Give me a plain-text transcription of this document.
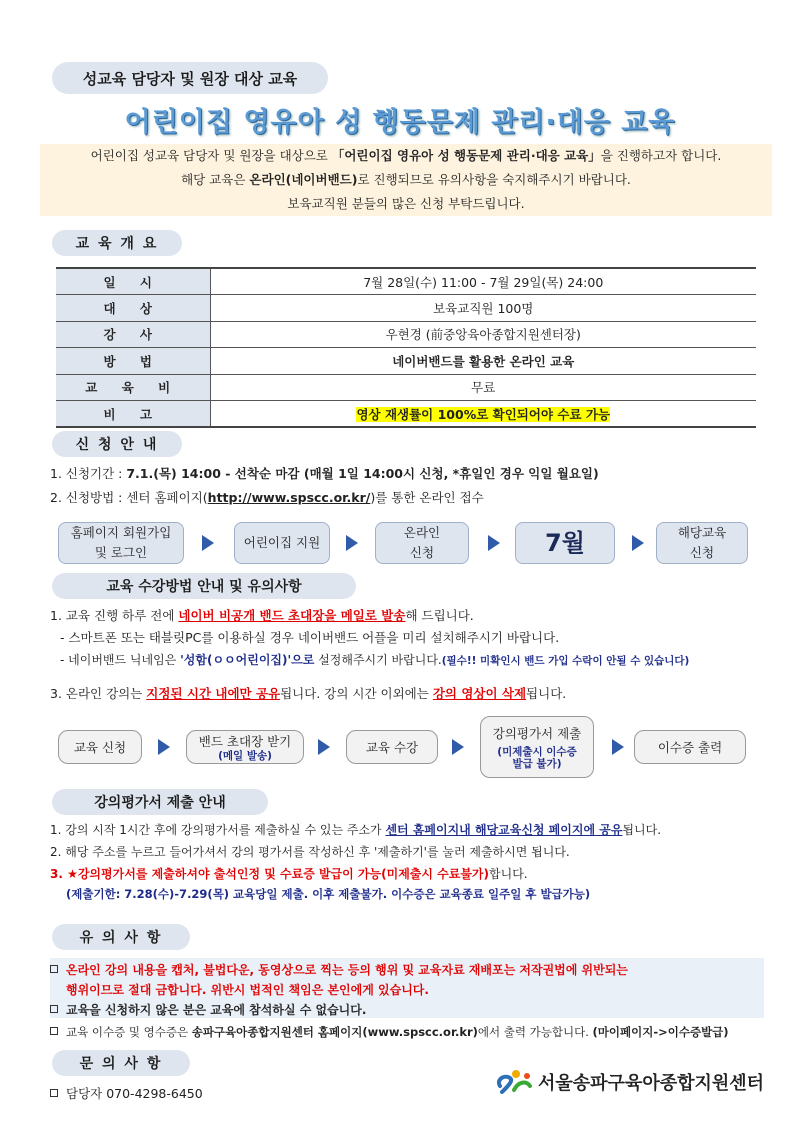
성교육 담당자 및 원장 대상 교육
어린이집 영유아 성 행동문제 관리·대응 교육
어린이집 성교육 담당자 및 원장을 대상으로 「어린이집 영유아 성 행동문제 관리·대응 교육」을 진행하고자 합니다.
해당 교육은 온라인(네이버밴드)로 진행되므로 유의사항을 숙지해주시기 바랍니다.
보육교직원 분들의 많은 신청 부탁드립니다.
교 육 개 요
일 시	7월 28일(수) 11:00 - 7월 29일(목) 24:00
대 상	보육교직원 100명
강 사	우현경 (前중앙육아종합지원센터장)
방 법	네이버밴드를 활용한 온라인 교육
교 육 비	무료
비 고	영상 재생률이 100%로 확인되어야 수료 가능
신 청 안 내
1. 신청기간 : 7.1.(목) 14:00 - 선착순 마감 (매월 1일 14:00시 신청, *휴일인 경우 익일 월요일)
2. 신청방법 : 센터 홈페이지(http://www.spscc.or.kr/)를 통한 온라인 접수
홈페이지 회원가입
및 로그인
어린이집 지원
온라인
신청	7월	해당교육
신청
교육 수강방법 안내 및 유의사항
1. 교육 진행 하루 전에 네이버 비공개 밴드 초대장을 메일로 발송해 드립니다.
- 스마트폰 또는 태블릿PC를 이용하실 경우 네이버밴드 어플을 미리 설치해주시기 바랍니다.
- 네이버밴드 닉네임은 '성함(ㅇㅇ어린이집)'으로 설정해주시기 바랍니다.(필수!! 미확인시 밴드 가입 수락이 안될 수 있습니다)
3. 온라인 강의는 지정된 시간 내에만 공유됩니다. 강의 시간 이외에는 강의 영상이 삭제됩니다.
교육 신청	밴드 초대장 받기
(메일 발송)
교육 수강
강의평가서 제출
(미제출시 이수증 발급 불가)
이수증 출력
강의평가서 제출 안내
1. 강의 시작 1시간 후에 강의평가서를 제출하실 수 있는 주소가 센터 홈페이지내 해당교육신청 페이지에 공유됩니다.
2. 해당 주소를 누르고 들어가셔서 강의 평가서를 작성하신 후 '제출하기'를 눌러 제출하시면 됩니다.
3. ★강의평가서를 제출하셔야 출석인정 및 수료증 발급이 가능(미제출시 수료불가)합니다.
(제출기한: 7.28(수)-7.29(목) 교육당일 제출. 이후 제출불가. 이수증은 교육종료 일주일 후 발급가능)
유 의 사 항
온라인 강의 내용을 캡처, 불법다운, 동영상으로 찍는 등의 행위 및 교육자료 재배포는 저작권법에 위반되는
행위이므로 절대 금합니다. 위반시 법적인 책임은 본인에게 있습니다.
교육을 신청하지 않은 분은 교육에 참석하실 수 없습니다.
교육 이수증 및 영수증은 송파구육아종합지원센터 홈페이지(www.spscc.or.kr)에서 출력 가능합니다. (마이페이지->이수증발급)
문 의 사 항
담당자 070-4298-6450	서울송파구육아종합지원센터
